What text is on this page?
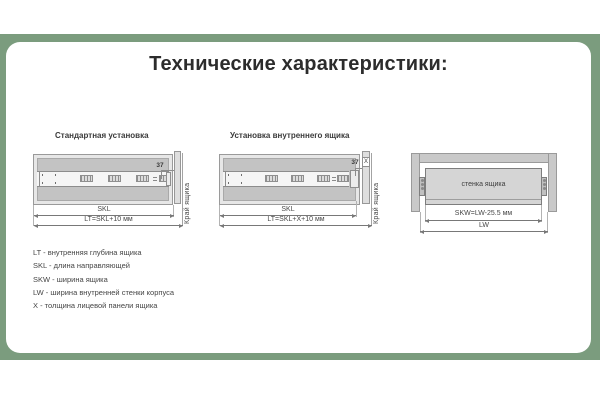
Технические характеристики:
Стандартная установка
37
Край ящика
SKL
LT=SKL+10 мм
Установка внутреннего ящика
X
37
Край ящика
SKL
LT=SKL+X+10 мм
стенка ящика
SKW=LW-25.5 мм
LW
LT - внутренняя глубина ящика
SKL - длина направляющей
SKW - ширина ящика
LW - ширина внутренней стенки корпуса
X - толщина лицевой панели ящика
